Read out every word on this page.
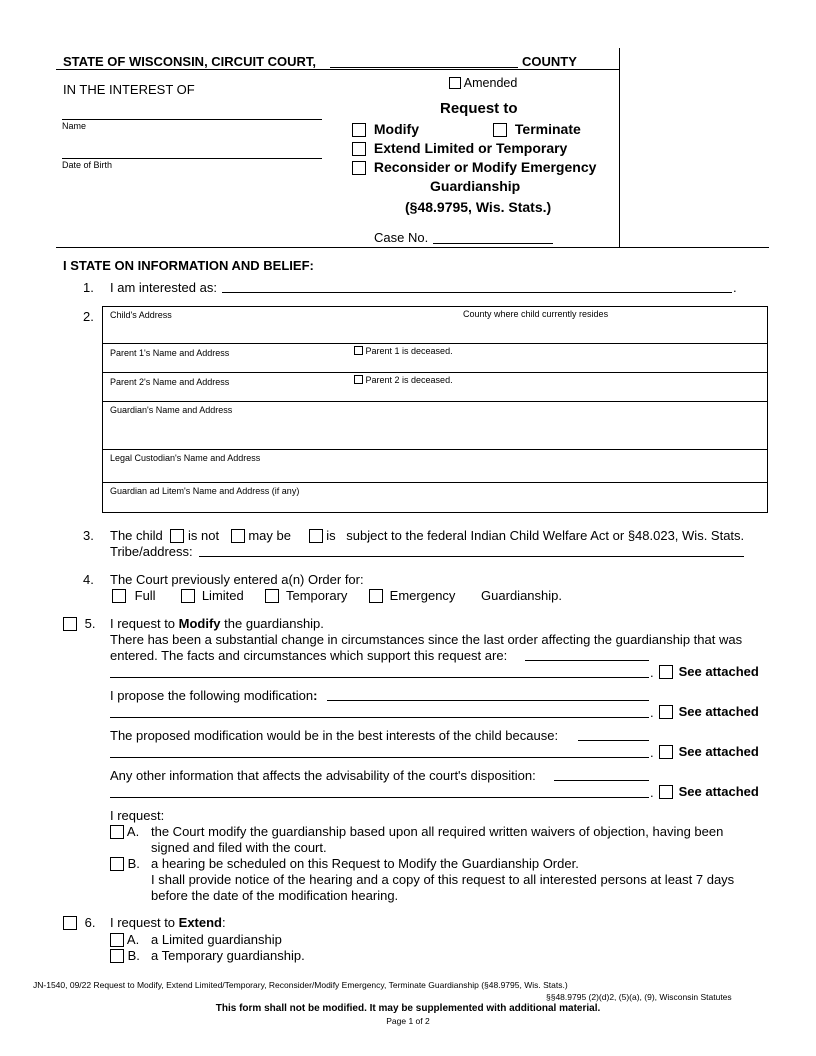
STATE OF WISCONSIN, CIRCUIT COURT,	COUNTY
IN THE INTEREST OF
Name
Date of Birth
Amended
Request to
Modify	Terminate
Extend Limited or Temporary
Reconsider or Modify Emergency
Guardianship
(§48.9795, Wis. Stats.)
Case No.
I STATE ON INFORMATION AND BELIEF:
1. I am interested as:	.
2. Child's Address	County where child currently resides
Parent 1's Name and Address	Parent 1 is deceased.
Parent 2's Name and Address	Parent 2 is deceased.
Guardian's Name and Address
Legal Custodian's Name and Address
Guardian ad Litem's Name and Address (if any)
3. The child is not may be	is subject to the federal Indian Child Welfare Act or §48.023, Wis. Stats.
Tribe/address:
4. The Court previously entered a(n) Order for:
Full	Limited	Temporary	Emergency Guardianship.
5. I request to Modify the guardianship.
There has been a substantial change in circumstances since the last order affecting the guardianship that was
entered. The facts and circumstances which support this request are:
.	See attached
I propose the following modification:
.	See attached
The proposed modification would be in the best interests of the child because:
.	See attached
Any other information that affects the advisability of the court's disposition:
.	See attached
I request:
A. the Court modify the guardianship based upon all required written waivers of objection, having been
signed and filed with the court.
B. a hearing be scheduled on this Request to Modify the Guardianship Order.
I shall provide notice of the hearing and a copy of this request to all interested persons at least 7 days
before the date of the modification hearing.
6. I request to Extend:
A. a Limited guardianship
B. a Temporary guardianship.
JN-1540, 09/22 Request to Modify, Extend Limited/Temporary, Reconsider/Modify Emergency, Terminate Guardianship (§48.9795, Wis. Stats.)
§§48.9795 (2)(d)2, (5)(a), (9), Wisconsin Statutes
This form shall not be modified. It may be supplemented with additional material.
Page 1 of 2
